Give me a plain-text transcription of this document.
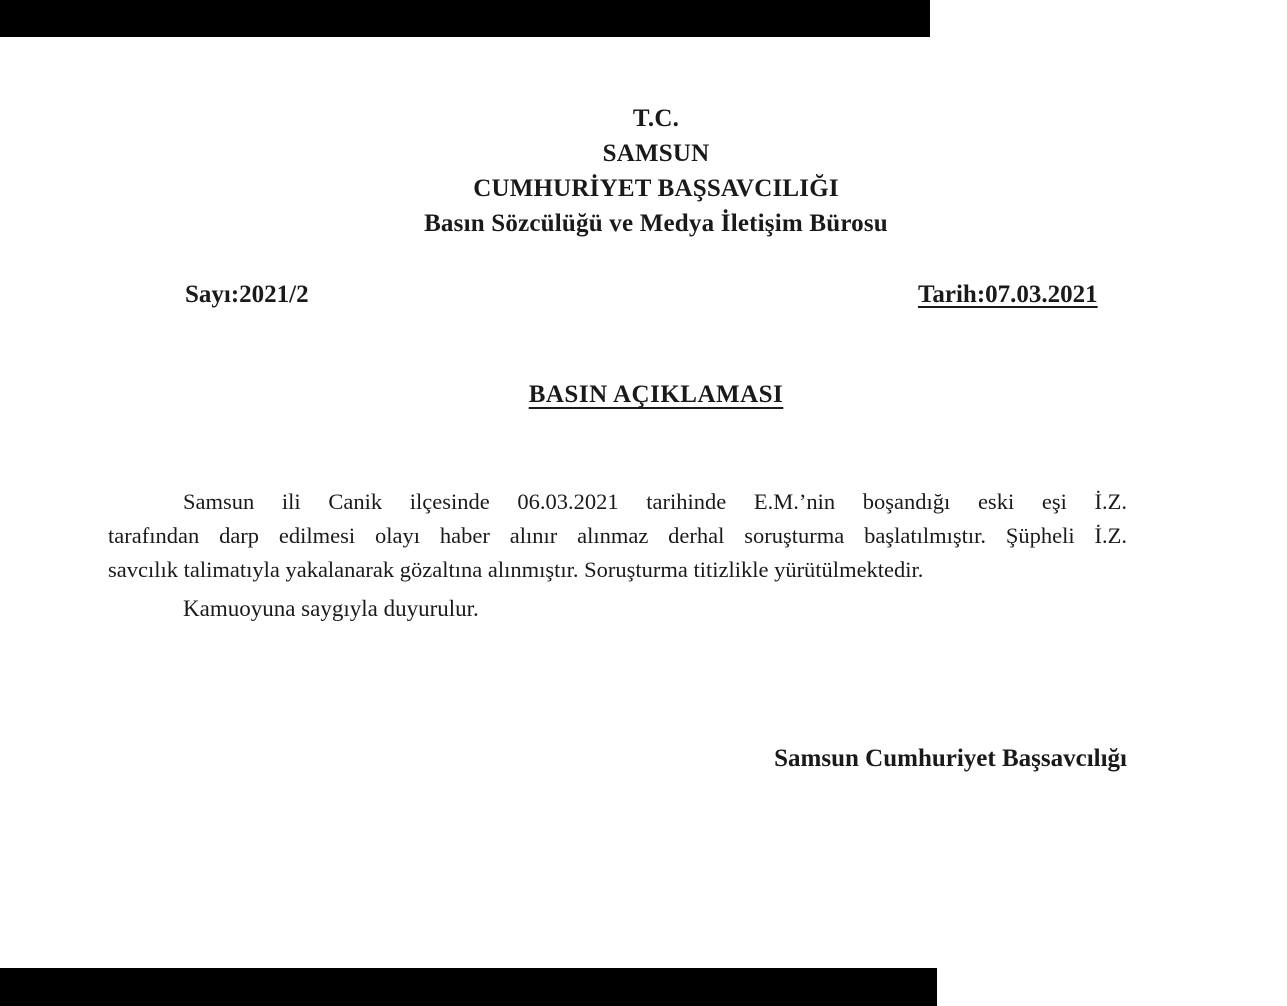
T.C.
SAMSUN
CUMHURİYET BAŞSAVCILIĞI
Basın Sözcülüğü ve Medya İletişim Bürosu
Sayı:2021/2	Tarih:07.03.2021
BASIN AÇIKLAMASI
Samsun ili Canik ilçesinde 06.03.2021 tarihinde E.M.’nin boşandığı eski eşi İ.Z.
tarafından darp edilmesi olayı haber alınır alınmaz derhal soruşturma başlatılmıştır. Şüpheli İ.Z.
savcılık talimatıyla yakalanarak gözaltına alınmıştır. Soruşturma titizlikle yürütülmektedir.
Kamuoyuna saygıyla duyurulur.
Samsun Cumhuriyet Başsavcılığı
